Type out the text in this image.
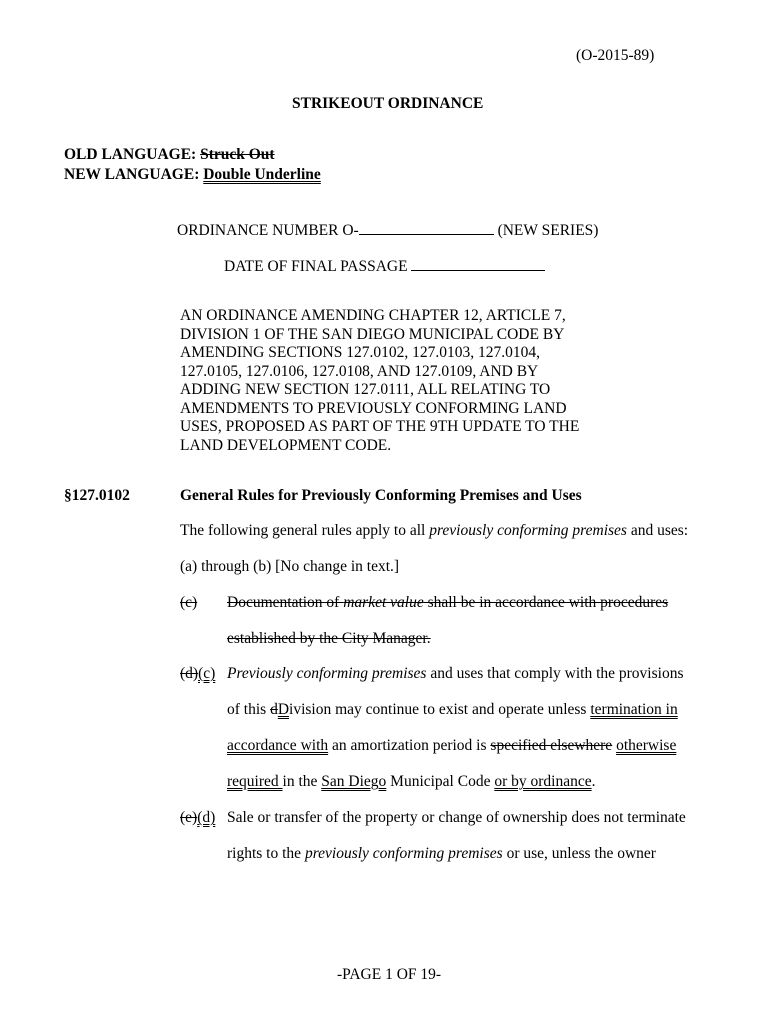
(O-2015-89)
STRIKEOUT ORDINANCE
OLD LANGUAGE: Struck Out
NEW LANGUAGE: Double Underline
ORDINANCE NUMBER O-	(NEW SERIES)
DATE OF FINAL PASSAGE
AN ORDINANCE AMENDING CHAPTER 12, ARTICLE 7,
DIVISION 1 OF THE SAN DIEGO MUNICIPAL CODE BY
AMENDING SECTIONS 127.0102, 127.0103, 127.0104,
127.0105, 127.0106, 127.0108, AND 127.0109, AND BY
ADDING NEW SECTION 127.0111, ALL RELATING TO
AMENDMENTS TO PREVIOUSLY CONFORMING LAND
USES, PROPOSED AS PART OF THE 9TH UPDATE TO THE
LAND DEVELOPMENT CODE.
§127.0102	General Rules for Previously Conforming Premises and Uses
The following general rules apply to all previously conforming premises and uses:
(a) through (b) [No change in text.]
(c) Documentation of market value shall be in accordance with procedures
established by the City Manager.
(d)(c) Previously conforming premises and uses that comply with the provisions
of this dDivision may continue to exist and operate unless termination in
accordance with an amortization period is specified elsewhere otherwise
required in the San Diego Municipal Code or by ordinance.
(e)(d) Sale or transfer of the property or change of ownership does not terminate
rights to the previously conforming premises or use, unless the owner
-PAGE 1 OF 19-
